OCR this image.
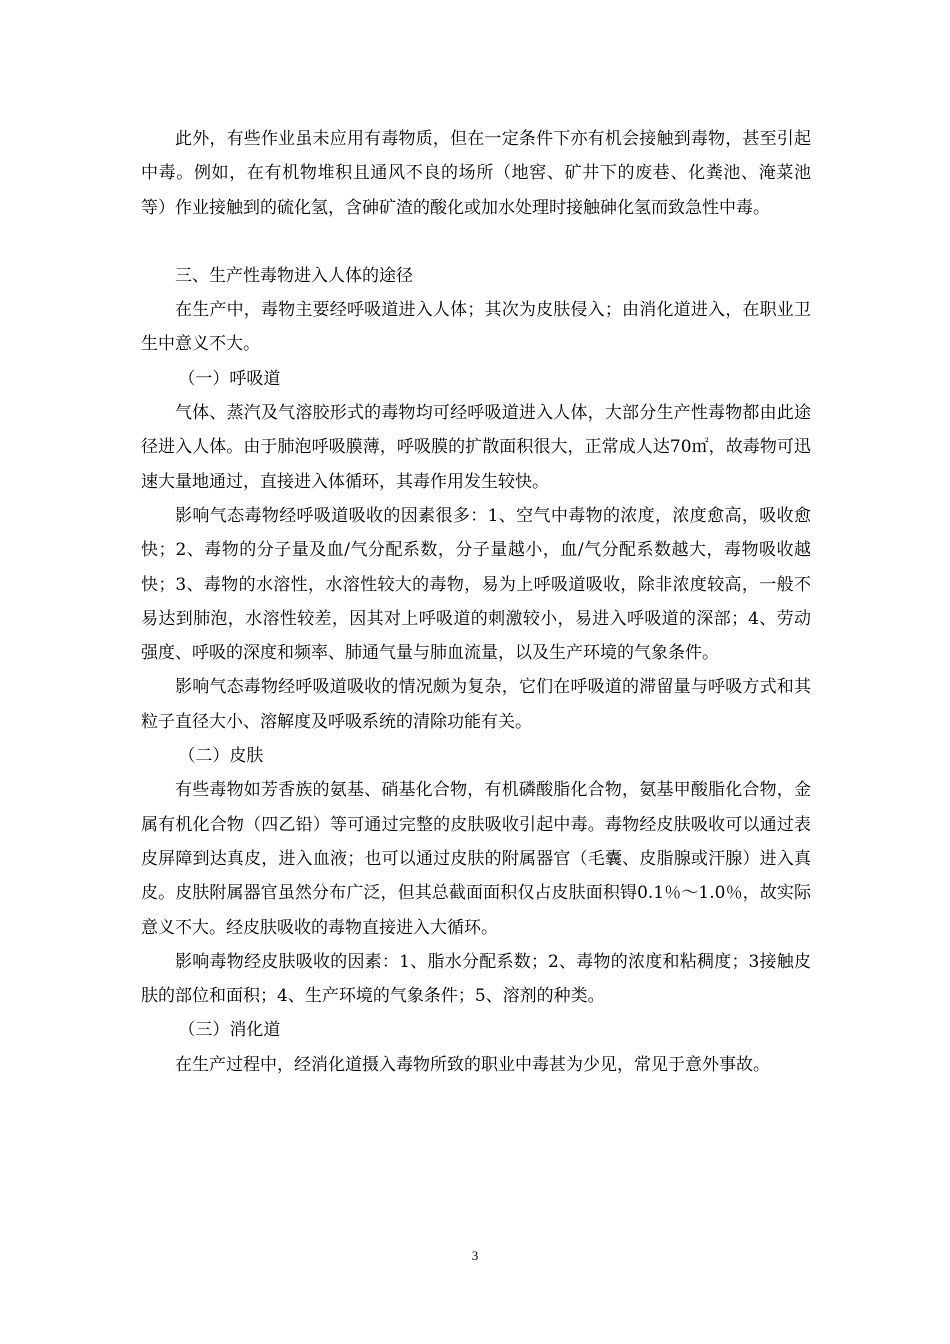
此外，有些作业虽未应用有毒物质，但在一定条件下亦有机会接触到毒物，甚至引起中毒。例如，在有机物堆积且通风不良的场所（地窖、矿井下的废巷、化粪池、淹菜池等）作业接触到的硫化氢，含砷矿渣的酸化或加水处理时接触砷化氢而致急性中毒。

三、生产性毒物进入人体的途径

在生产中，毒物主要经呼吸道进入人体；其次为皮肤侵入；由消化道进入，在职业卫生中意义不大。

（一）呼吸道

气体、蒸汽及气溶胶形式的毒物均可经呼吸道进入人体，大部分生产性毒物都由此途径进入人体。由于肺泡呼吸膜薄，呼吸膜的扩散面积很大，正常成人达70㎡，故毒物可迅速大量地通过，直接进入体循环，其毒作用发生较快。

影响气态毒物经呼吸道吸收的因素很多：1、空气中毒物的浓度，浓度愈高，吸收愈快；2、毒物的分子量及血/气分配系数，分子量越小，血/气分配系数越大，毒物吸收越快；3、毒物的水溶性，水溶性较大的毒物，易为上呼吸道吸收，除非浓度较高，一般不易达到肺泡，水溶性较差，因其对上呼吸道的刺激较小，易进入呼吸道的深部；4、劳动强度、呼吸的深度和频率、肺通气量与肺血流量，以及生产环境的气象条件。

影响气态毒物经呼吸道吸收的情况颇为复杂，它们在呼吸道的滞留量与呼吸方式和其粒子直径大小、溶解度及呼吸系统的清除功能有关。

（二）皮肤

有些毒物如芳香族的氨基、硝基化合物，有机磷酸脂化合物，氨基甲酸脂化合物，金属有机化合物（四乙铅）等可通过完整的皮肤吸收引起中毒。毒物经皮肤吸收可以通过表皮屏障到达真皮，进入血液；也可以通过皮肤的附属器官（毛囊、皮脂腺或汗腺）进入真皮。皮肤附属器官虽然分布广泛，但其总截面面积仅占皮肤面积锝0.1％～1.0％，故实际意义不大。经皮肤吸收的毒物直接进入大循环。

影响毒物经皮肤吸收的因素：1、脂水分配系数；2、毒物的浓度和粘稠度；3接触皮肤的部位和面积；4、生产环境的气象条件；5、溶剂的种类。

（三）消化道

在生产过程中，经消化道摄入毒物所致的职业中毒甚为少见，常见于意外事故。

3
